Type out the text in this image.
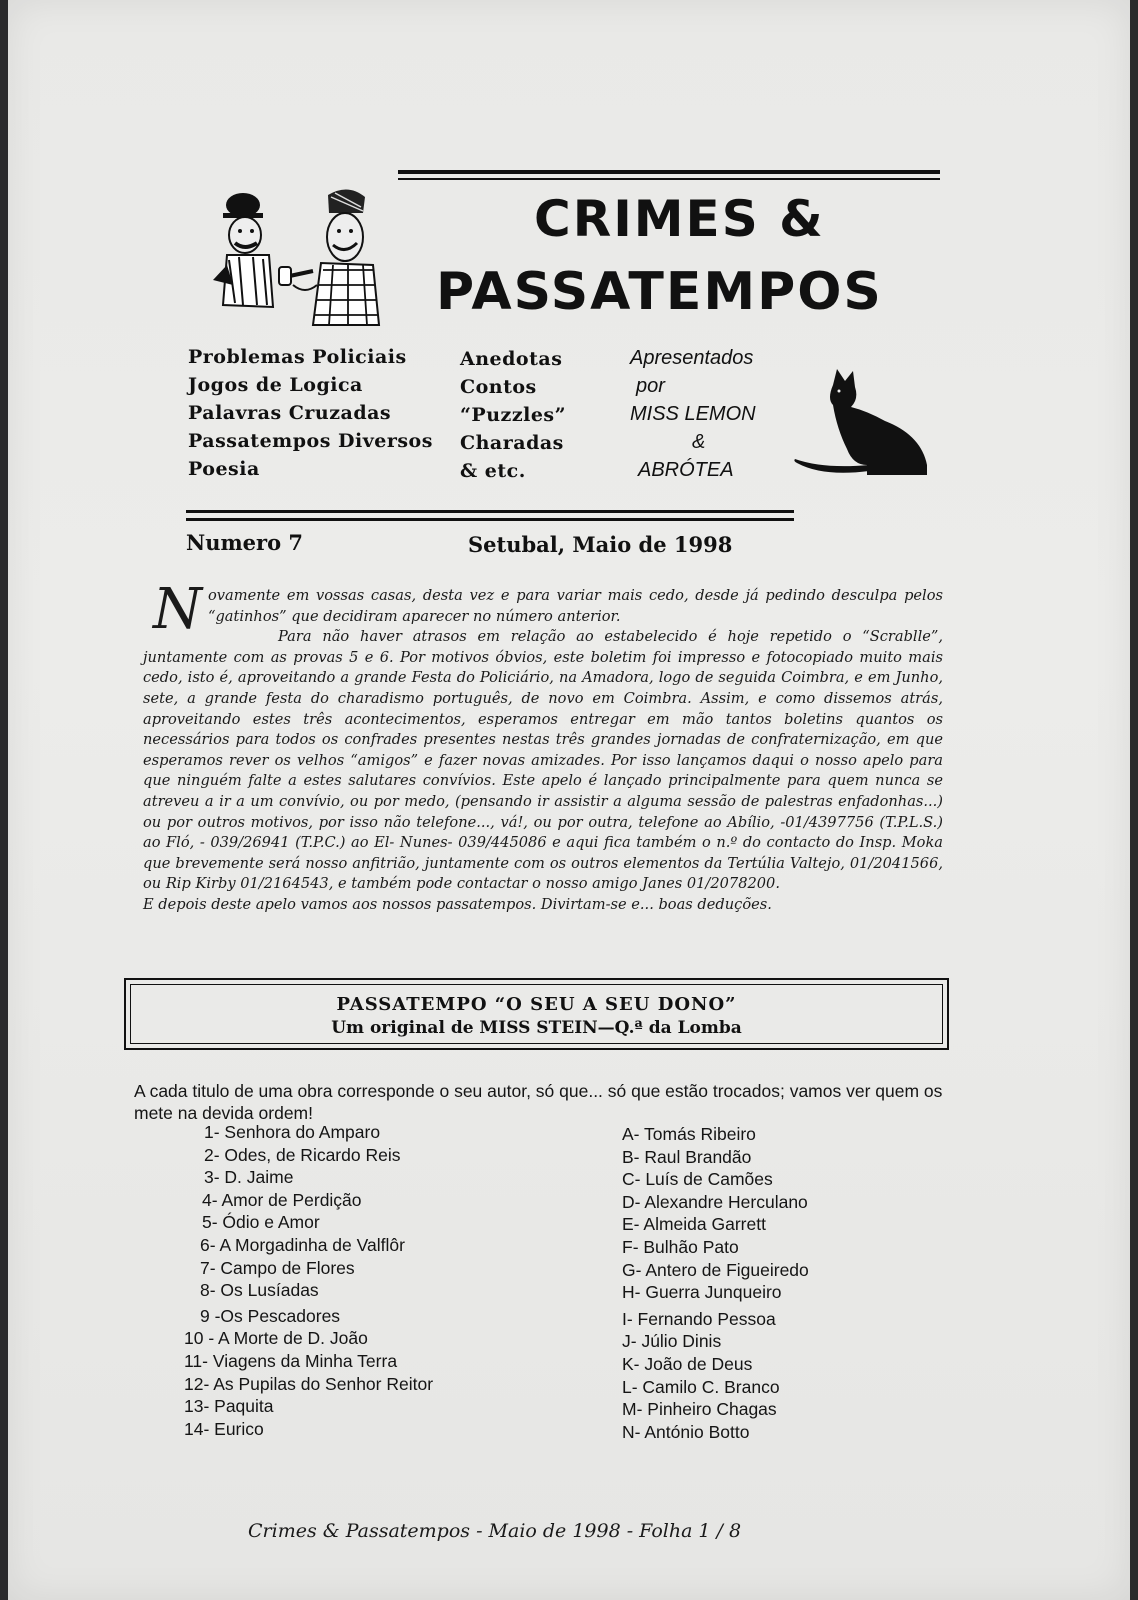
CRIMES &
PASSATEMPOS
Problemas Policiais
Jogos de Logica
Palavras Cruzadas
Passatempos Diversos
Poesia
Anedotas
Contos
“Puzzles”
Charadas
& etc.
Apresentados
por
MISS LEMON
&
ABRÓTEA
Numero 7	Setubal, Maio de 1998
N ovamente em vossas casas, desta vez e para variar mais cedo, desde já pedindo desculpa pelos “gatinhos” que decidiram aparecer no número anterior.

Para não haver atrasos em relação ao estabelecido é hoje repetido o “Scrablle”, juntamente com as provas 5 e 6. Por motivos óbvios, este boletim foi impresso e fotocopiado muito mais cedo, isto é, aproveitando a grande Festa do Policiário, na Amadora, logo de seguida Coimbra, e em Junho, sete, a grande festa do charadismo português, de novo em Coimbra. Assim, e como dissemos atrás, aproveitando estes três acontecimentos, esperamos entregar em mão tantos boletins quantos os necessários para todos os confrades presentes nestas três grandes jornadas de confraternização, em que esperamos rever os velhos “amigos” e fazer novas amizades. Por isso lançamos daqui o nosso apelo para que ninguém falte a estes salutares convívios. Este apelo é lançado principalmente para quem nunca se atreveu a ir a um convívio, ou por medo, (pensando ir assistir a alguma sessão de palestras enfadonhas...) ou por outros motivos, por isso não telefone..., vá!, ou por outra, telefone ao Abílio, -01/4397756 (T.P.L.S.) ao Fló, - 039/26941 (T.P.C.) ao El- Nunes- 039/445086 e aqui fica também o n.º do contacto do Insp. Moka que brevemente será nosso anfitrião, juntamente com os outros elementos da Tertúlia Valtejo, 01/2041566, ou Rip Kirby 01/2164543, e também pode contactar o nosso amigo Janes 01/2078200.

E depois deste apelo vamos aos nossos passatempos. Divirtam-se e... boas deduções.

PASSATEMPO “O SEU A SEU DONO”
Um original de MISS STEIN—Q.ª da Lomba
A cada titulo de uma obra corresponde o seu autor, só que... só que estão trocados; vamos ver quem os mete na devida ordem!
1- Senhora do Amparo
2- Odes, de Ricardo Reis
3- D. Jaime
4- Amor de Perdição
5- Ódio e Amor
6- A Morgadinha de Valflôr
7- Campo de Flores
8- Os Lusíadas
9 -Os Pescadores
10 - A Morte de D. João
11- Viagens da Minha Terra
12- As Pupilas do Senhor Reitor
13- Paquita
14- Eurico
A- Tomás Ribeiro
B- Raul Brandão
C- Luís de Camões
D- Alexandre Herculano
E- Almeida Garrett
F- Bulhão Pato
G- Antero de Figueiredo
H- Guerra Junqueiro
I- Fernando Pessoa
J- Júlio Dinis
K- João de Deus
L- Camilo C. Branco
M- Pinheiro Chagas
N- António Botto
Crimes & Passatempos - Maio de 1998 - Folha 1 / 8
